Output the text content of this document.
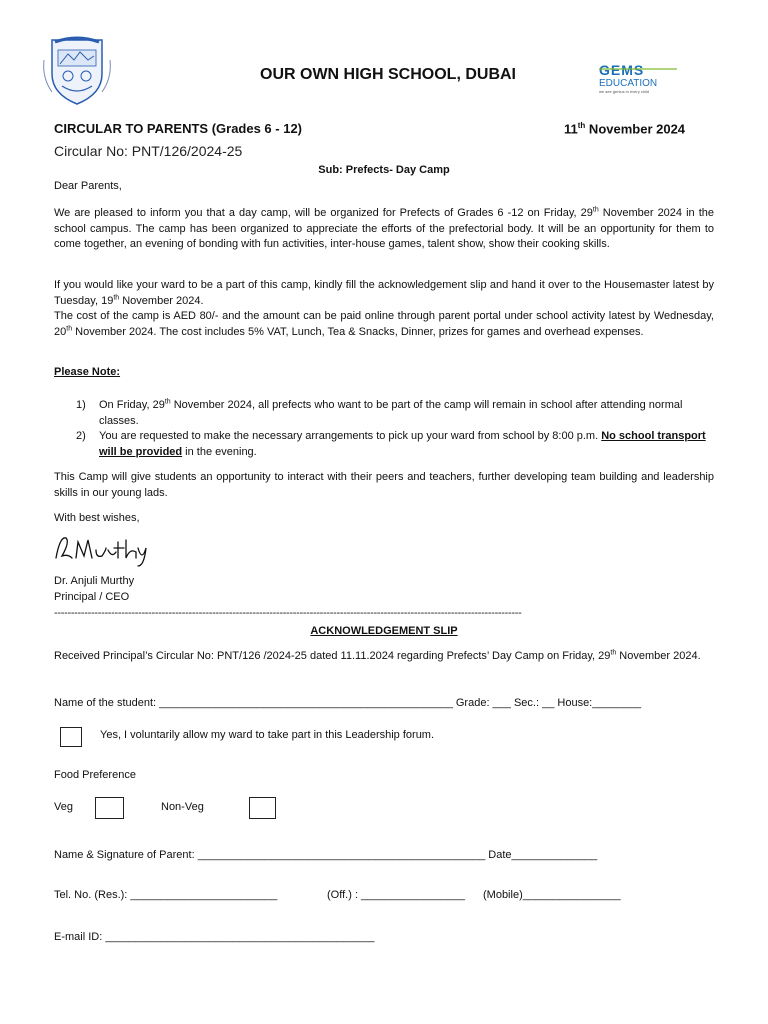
OUR OWN HIGH SCHOOL, DUBAI
EDUCATION
we see genius in every child
CIRCULAR TO PARENTS (Grades 6 - 12)	11th November 2024
Circular No: PNT/126/2024-25
Sub: Prefects- Day Camp
Dear Parents,
We are pleased to inform you that a day camp, will be organized for Prefects of Grades 6 -12 on Friday, 29th November 2024 in the school campus. The camp has been organized to appreciate the efforts of the prefectorial body. It will be an opportunity for them to come together, an evening of bonding with fun activities, inter-house games, talent show, show their cooking skills.
If you would like your ward to be a part of this camp, kindly fill the acknowledgement slip and hand it over to the Housemaster latest by Tuesday, 19th November 2024.
The cost of the camp is AED 80/- and the amount can be paid online through parent portal under school activity latest by Wednesday, 20th November 2024. The cost includes 5% VAT, Lunch, Tea & Snacks, Dinner, prizes for games and overhead expenses.
Please Note:
1)	On Friday, 29th November 2024, all prefects who want to be part of the camp will remain in school after attending normal classes.
2)	You are requested to make the necessary arrangements to pick up your ward from school by 8:00 p.m. No school transport will be provided in the evening.
This Camp will give students an opportunity to interact with their peers and teachers, further developing team building and leadership skills in our young lads.
With best wishes,
Dr. Anjuli Murthy
Principal / CEO
-------------------------------------------------------------------------------------------------------------------------------------------
ACKNOWLEDGEMENT SLIP
Received Principal’s Circular No: PNT/126 /2024-25 dated 11.11.2024 regarding Prefects’ Day Camp on Friday, 29th November 2024.
Name of the student: ________________________________________________ Grade: ___ Sec.: __ House:________
Yes, I voluntarily allow my ward to take part in this Leadership forum.
Food Preference
Veg	Non-Veg
Name & Signature of Parent: _______________________________________________ Date______________
Tel. No. (Res.): ________________________	(Off.) : _________________ (Mobile)________________
E-mail ID: ____________________________________________
